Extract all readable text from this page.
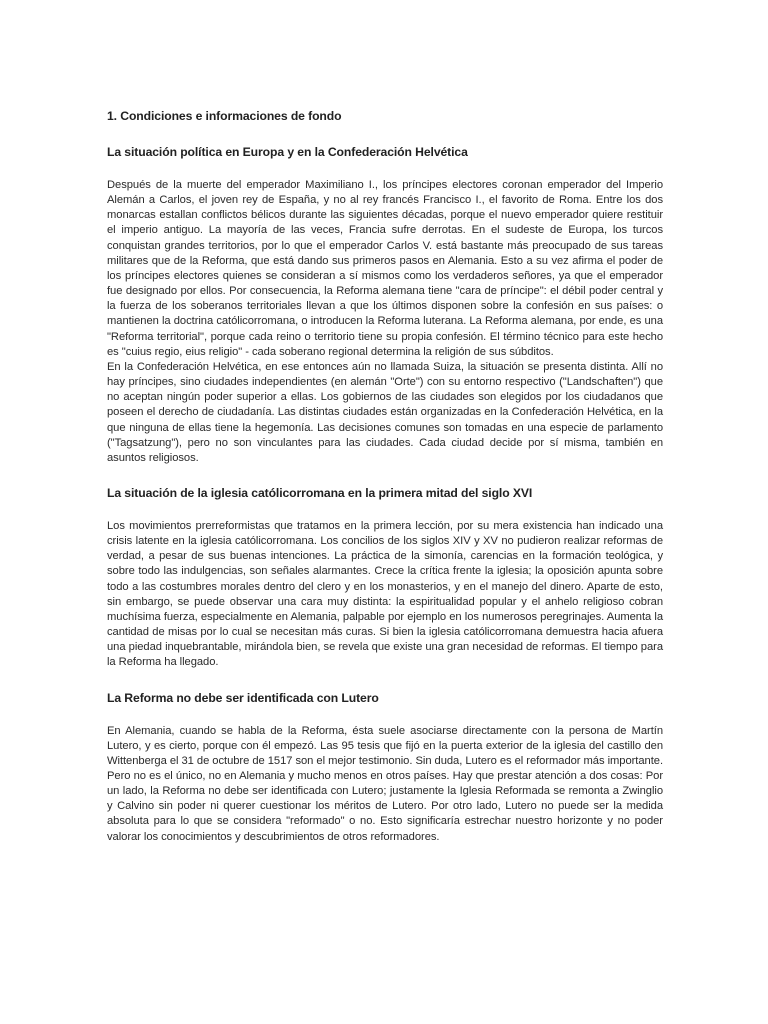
1. Condiciones e informaciones de fondo
La situación política en Europa y en la Confederación Helvética

Después de la muerte del emperador Maximiliano I., los príncipes electores coronan emperador del Imperio Alemán a Carlos, el joven rey de España, y no al rey francés Francisco I., el favorito de Roma. Entre los dos monarcas estallan conflictos bélicos durante las siguientes décadas, porque el nuevo emperador quiere restituir el imperio antiguo. La mayoría de las veces, Francia sufre derrotas. En el sudeste de Europa, los turcos conquistan grandes territorios, por lo que el emperador Carlos V. está bastante más preocupado de sus tareas militares que de la Reforma, que está dando sus primeros pasos en Alemania. Esto a su vez afirma el poder de los príncipes electores quienes se consideran a sí mismos como los verdaderos señores, ya que el emperador fue designado por ellos. Por consecuencia, la Reforma alemana tiene "cara de príncipe": el débil poder central y la fuerza de los soberanos territoriales llevan a que los últimos disponen sobre la confesión en sus países: o mantienen la doctrina católicorromana, o introducen la Reforma luterana. La Reforma alemana, por ende, es una "Reforma territorial", porque cada reino o territorio tiene su propia confesión. El término técnico para este hecho es "cuius regio, eius religio" - cada soberano regional determina la religión de sus súbditos.

En la Confederación Helvética, en ese entonces aún no llamada Suiza, la situación se presenta distinta. Allí no hay príncipes, sino ciudades independientes (en alemán "Orte") con su entorno respectivo ("Landschaften") que no aceptan ningún poder superior a ellas. Los gobiernos de las ciudades son elegidos por los ciudadanos que poseen el derecho de ciudadanía. Las distintas ciudades están organizadas en la Confederación Helvética, en la que ninguna de ellas tiene la hegemonía. Las decisiones comunes son tomadas en una especie de parlamento ("Tagsatzung"), pero no son vinculantes para las ciudades. Cada ciudad decide por sí misma, también en asuntos religiosos.

La situación de la iglesia católicorromana en la primera mitad del siglo XVI

Los movimientos prerreformistas que tratamos en la primera lección, por su mera existencia han indicado una crisis latente en la iglesia católicorromana. Los concilios de los siglos XIV y XV no pudieron realizar reformas de verdad, a pesar de sus buenas intenciones. La práctica de la simonía, carencias en la formación teológica, y sobre todo las indulgencias, son señales alarmantes. Crece la crítica frente la iglesia; la oposición apunta sobre todo a las costumbres morales dentro del clero y en los monasterios, y en el manejo del dinero. Aparte de esto, sin embargo, se puede observar una cara muy distinta: la espiritualidad popular y el anhelo religioso cobran muchísima fuerza, especialmente en Alemania, palpable por ejemplo en los numerosos peregrinajes. Aumenta la cantidad de misas por lo cual se necesitan más curas. Si bien la iglesia católicorromana demuestra hacia afuera una piedad inquebrantable, mirándola bien, se revela que existe una gran necesidad de reformas. El tiempo para la Reforma ha llegado.

La Reforma no debe ser identificada con Lutero

En Alemania, cuando se habla de la Reforma, ésta suele asociarse directamente con la persona de Martín Lutero, y es cierto, porque con él empezó. Las 95 tesis que fijó en la puerta exterior de la iglesia del castillo den Wittenberga el 31 de octubre de 1517 son el mejor testimonio. Sin duda, Lutero es el reformador más importante. Pero no es el único, no en Alemania y mucho menos en otros países. Hay que prestar atención a dos cosas: Por un lado, la Reforma no debe ser identificada con Lutero; justamente la Iglesia Reformada se remonta a Zwinglio y Calvino sin poder ni querer cuestionar los méritos de Lutero. Por otro lado, Lutero no puede ser la medida absoluta para lo que se considera "reformado" o no. Esto significaría estrechar nuestro horizonte y no poder valorar los conocimientos y descubrimientos de otros reformadores.
